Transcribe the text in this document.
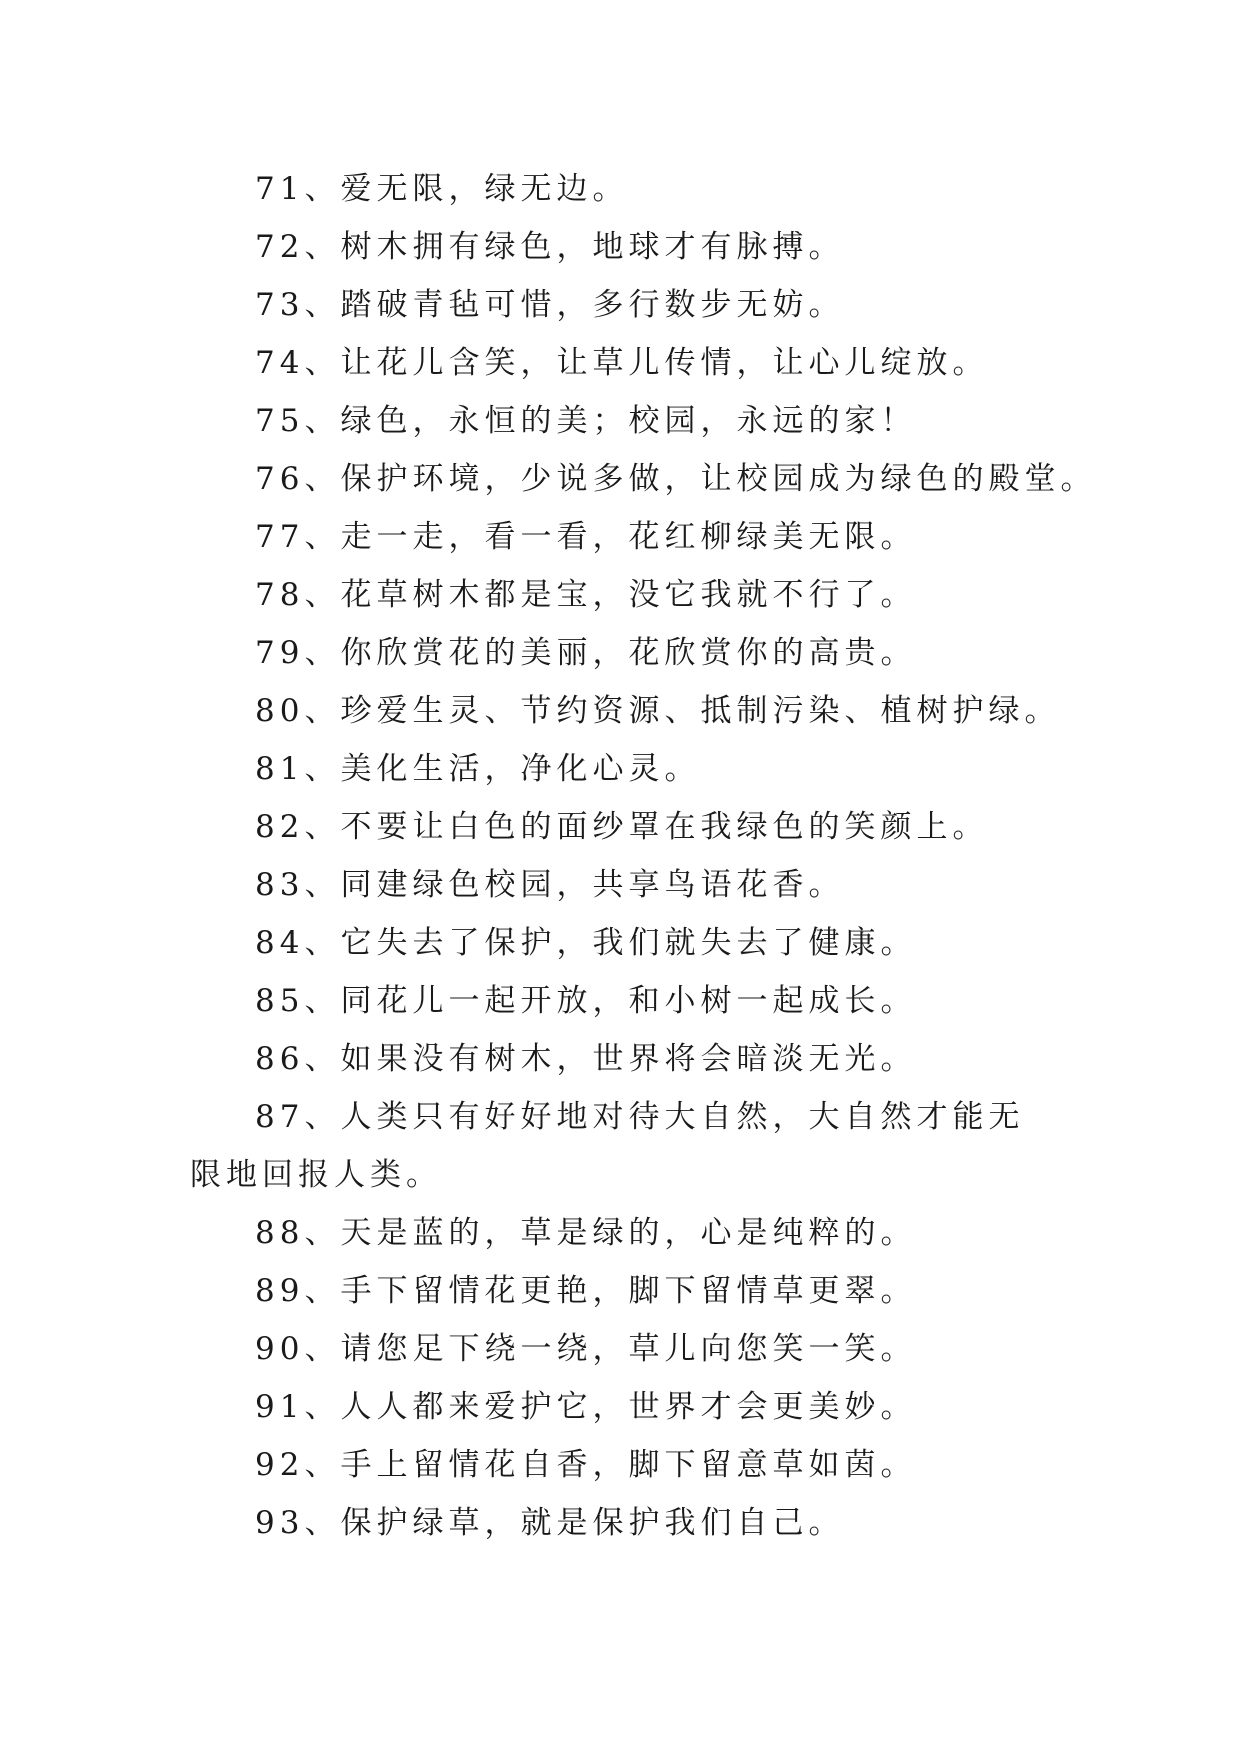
71、爱无限，绿无边。
72、树木拥有绿色，地球才有脉搏。
73、踏破青毡可惜，多行数步无妨。
74、让花儿含笑，让草儿传情，让心儿绽放。
75、绿色，永恒的美；校园，永远的家！
76、保护环境，少说多做，让校园成为绿色的殿堂。
77、走一走，看一看，花红柳绿美无限。
78、花草树木都是宝，没它我就不行了。
79、你欣赏花的美丽，花欣赏你的高贵。
80、珍爱生灵、节约资源、抵制污染、植树护绿。
81、美化生活，净化心灵。
82、不要让白色的面纱罩在我绿色的笑颜上。
83、同建绿色校园，共享鸟语花香。
84、它失去了保护，我们就失去了健康。
85、同花儿一起开放，和小树一起成长。
86、如果没有树木，世界将会暗淡无光。
87、人类只有好好地对待大自然，大自然才能无限地回报人类。
88、天是蓝的，草是绿的，心是纯粹的。
89、手下留情花更艳，脚下留情草更翠。
90、请您足下绕一绕，草儿向您笑一笑。
91、人人都来爱护它，世界才会更美妙。
92、手上留情花自香，脚下留意草如茵。
93、保护绿草，就是保护我们自己。
